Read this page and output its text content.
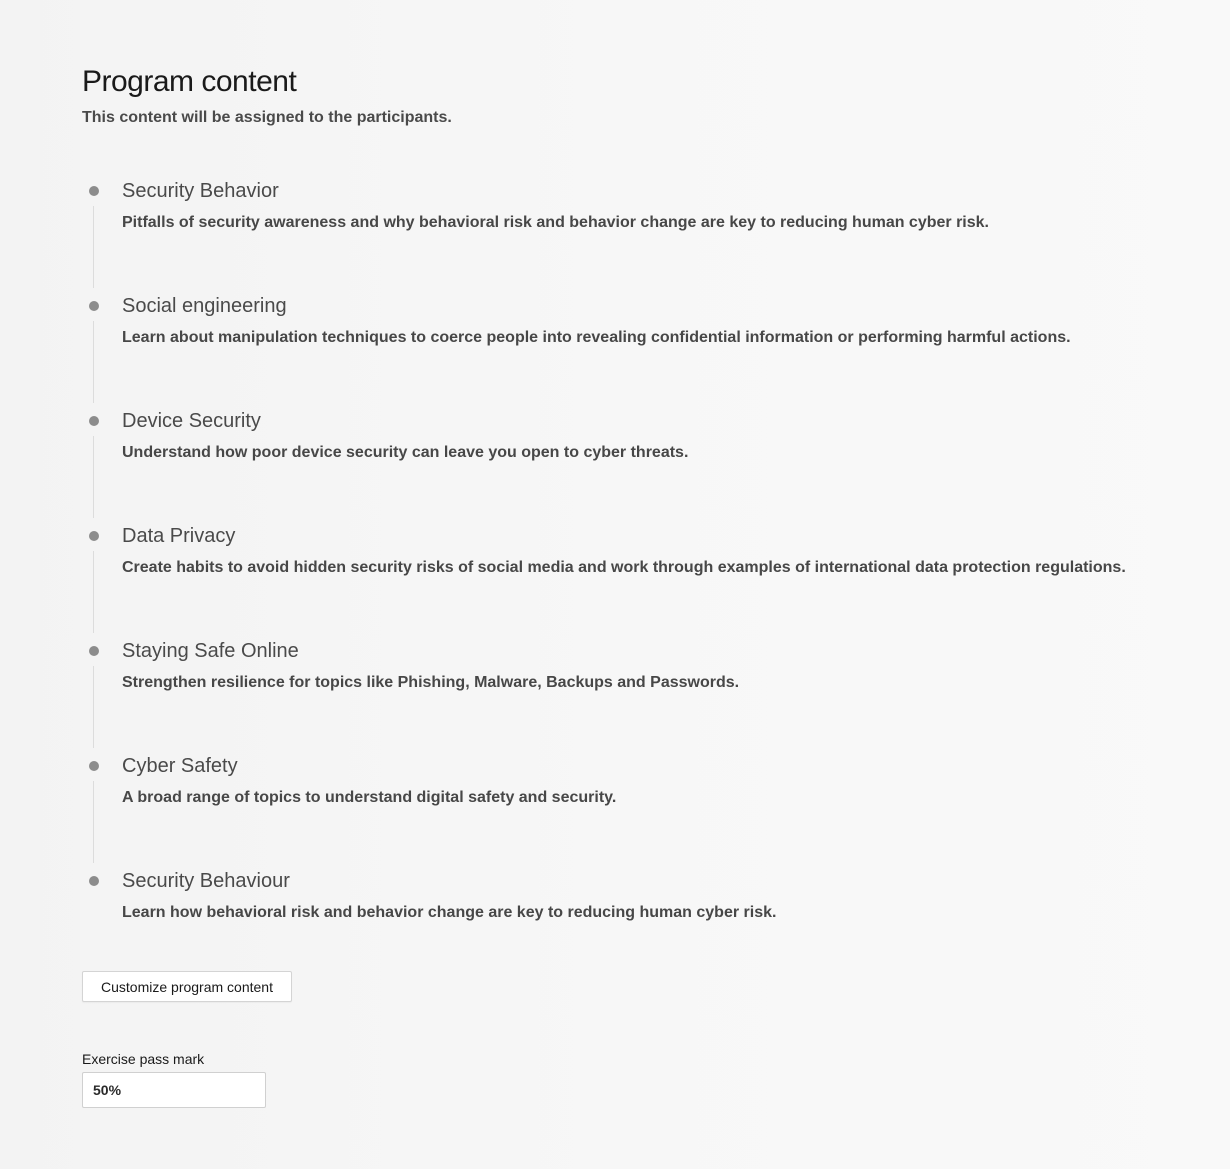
Program content

This content will be assigned to the participants.

Security Behavior
Pitfalls of security awareness and why behavioral risk and behavior change are key to reducing human cyber risk.
Social engineering
Learn about manipulation techniques to coerce people into revealing confidential information or performing harmful actions.
Device Security
Understand how poor device security can leave you open to cyber threats.
Data Privacy
Create habits to avoid hidden security risks of social media and work through examples of international data protection regulations.
Staying Safe Online
Strengthen resilience for topics like Phishing, Malware, Backups and Passwords.
Cyber Safety
A broad range of topics to understand digital safety and security.
Security Behaviour
Learn how behavioral risk and behavior change are key to reducing human cyber risk.
Customize program content
Exercise pass mark
50%
